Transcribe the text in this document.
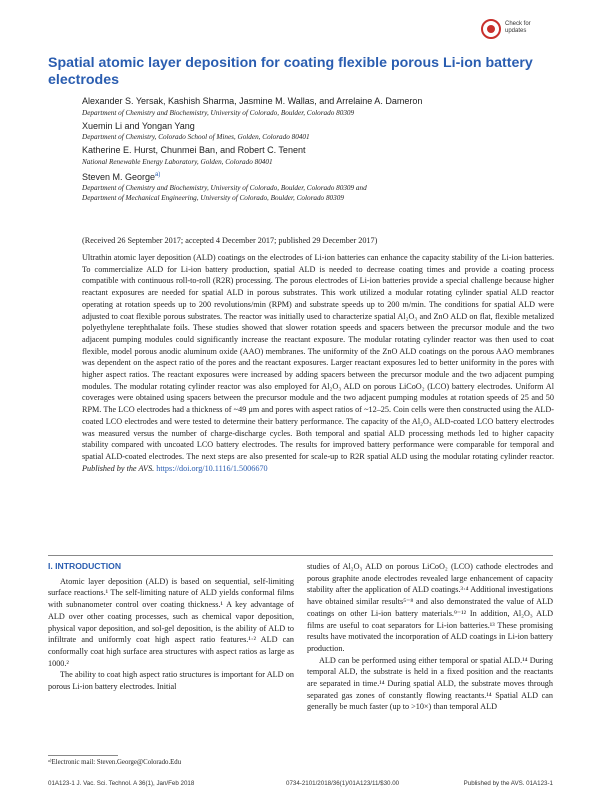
Check for updates
Spatial atomic layer deposition for coating flexible porous Li-ion battery electrodes
Alexander S. Yersak, Kashish Sharma, Jasmine M. Wallas, and Arrelaine A. Dameron
Department of Chemistry and Biochemistry, University of Colorado, Boulder, Colorado 80309
Xuemin Li and Yongan Yang
Department of Chemistry, Colorado School of Mines, Golden, Colorado 80401
Katherine E. Hurst, Chunmei Ban, and Robert C. Tenent
National Renewable Energy Laboratory, Golden, Colorado 80401
Steven M. George$^{a)}$
Department of Chemistry and Biochemistry, University of Colorado, Boulder, Colorado 80309 and
Department of Mechanical Engineering, University of Colorado, Boulder, Colorado 80309
(Received 26 September 2017; accepted 4 December 2017; published 29 December 2017)
Ultrathin atomic layer deposition (ALD) coatings on the electrodes of Li-ion batteries can enhance the capacity stability of the Li-ion batteries. To commercialize ALD for Li-ion battery production, spatial ALD is needed to decrease coating times and provide a coating process compatible with continuous roll-to-roll (R2R) processing. The porous electrodes of Li-ion batteries provide a special challenge because higher reactant exposures are needed for spatial ALD in porous substrates. This work utilized a modular rotating cylinder spatial ALD reactor operating at rotation speeds up to 200 revolutions/min (RPM) and substrate speeds up to 200 m/min. The conditions for spatial ALD were adjusted to coat flexible porous substrates. The reactor was initially used to characterize spatial Al₂O₃ and ZnO ALD on flat, flexible metalized polyethylene terephthalate foils. These studies showed that slower rotation speeds and spacers between the precursor module and the two adjacent pumping modules could significantly increase the reactant exposure. The modular rotating cylinder reactor was then used to coat flexible, model porous anodic aluminum oxide (AAO) membranes. The uniformity of the ZnO ALD coatings on the porous AAO membranes was dependent on the aspect ratio of the pores and the reactant exposures. Larger reactant exposures led to better uniformity in the pores with higher aspect ratios. The reactant exposures were increased by adding spacers between the precursor module and the two adjacent pumping modules. The modular rotating cylinder reactor was also employed for Al₂O₃ ALD on porous LiCoO₂ (LCO) battery electrodes. Uniform Al coverages were obtained using spacers between the precursor module and the two adjacent pumping modules at rotation speeds of 25 and 50 RPM. The LCO electrodes had a thickness of ~49 μm and pores with aspect ratios of ~12–25. Coin cells were then constructed using the ALD-coated LCO electrodes and were tested to determine their battery performance. The capacity of the Al₂O₃ ALD-coated LCO battery electrodes was measured versus the number of charge-discharge cycles. Both temporal and spatial ALD processing methods led to higher capacity stability compared with uncoated LCO battery electrodes. The results for improved battery performance were comparable for temporal and spatial ALD-coated electrodes. The next steps are also presented for scale-up to R2R spatial ALD using the modular rotating cylinder reactor. Published by the AVS. https://doi.org/10.1116/1.5006670
I. INTRODUCTION

Atomic layer deposition (ALD) is based on sequential, self-limiting surface reactions.¹ The self-limiting nature of ALD yields conformal films with subnanometer control over coating thickness.¹ A key advantage of ALD over other coating processes, such as chemical vapor deposition, physical vapor deposition, and sol-gel deposition, is the ability of ALD to infiltrate and uniformly coat high aspect ratio features.¹·² ALD can conformally coat high surface area structures with aspect ratios as large as 1000.²

The ability to coat high aspect ratio structures is important for ALD on porous Li-ion battery electrodes. Initial

studies of Al₂O₃ ALD on porous LiCoO₂ (LCO) cathode electrodes and porous graphite anode electrodes revealed large enhancement of capacity stability after the application of ALD coatings.³·⁴ Additional investigations have obtained similar results⁵⁻⁸ and also demonstrated the value of ALD coatings on other Li-ion battery materials.⁹⁻¹² In addition, Al₂O₃ ALD films are useful to coat separators for Li-ion batteries.¹³ These promising results have motivated the incorporation of ALD coatings in Li-ion battery production.

ALD can be performed using either temporal or spatial ALD.¹⁴ During temporal ALD, the substrate is held in a fixed position and the reactants are separated in time.¹⁴ During spatial ALD, the substrate moves through separated gas zones of constantly flowing reactants.¹⁴ Spatial ALD can generally be much faster (up to >10×) than temporal ALD

ᵃ⁾Electronic mail: Steven.George@Colorado.Edu
01A123-1 J. Vac. Sci. Technol. A 36(1), Jan/Feb 2018	0734-2101/2018/36(1)/01A123/11/$30.00	Published by the AVS. 01A123-1
